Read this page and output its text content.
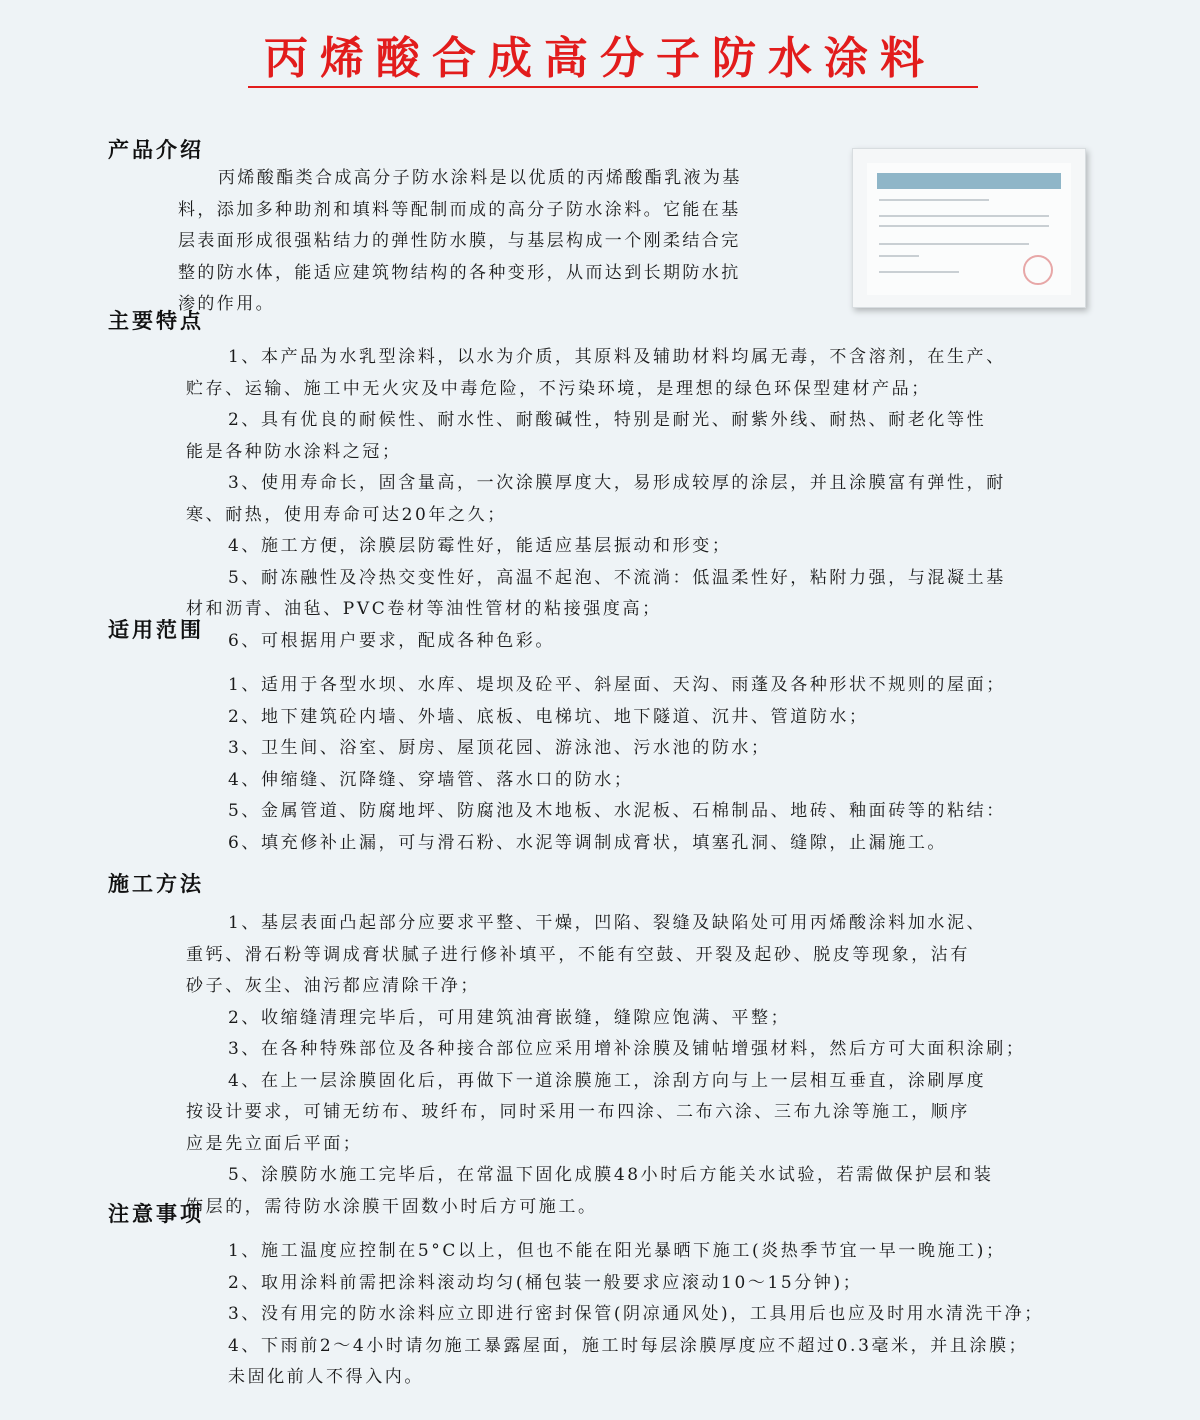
丙烯酸合成高分子防水涂料
产品介绍
丙烯酸酯类合成高分子防水涂料是以优质的丙烯酸酯乳液为基
料，添加多种助剂和填料等配制而成的高分子防水涂料。它能在基
层表面形成很强粘结力的弹性防水膜，与基层构成一个刚柔结合完
整的防水体，能适应建筑物结构的各种变形，从而达到长期防水抗
渗的作用。
主要特点
1、本产品为水乳型涂料，以水为介质，其原料及辅助材料均属无毒，不含溶剂，在生产、
贮存、运输、施工中无火灾及中毒危险，不污染环境，是理想的绿色环保型建材产品；
2、具有优良的耐候性、耐水性、耐酸碱性，特别是耐光、耐紫外线、耐热、耐老化等性
能是各种防水涂料之冠；
3、使用寿命长，固含量高，一次涂膜厚度大，易形成较厚的涂层，并且涂膜富有弹性，耐
寒、耐热，使用寿命可达20年之久；
4、施工方便，涂膜层防霉性好，能适应基层振动和形变；
5、耐冻融性及冷热交变性好，高温不起泡、不流淌：低温柔性好，粘附力强，与混凝土基
材和沥青、油毡、PVC卷材等油性管材的粘接强度高；
6、可根据用户要求，配成各种色彩。
适用范围
1、适用于各型水坝、水库、堤坝及砼平、斜屋面、天沟、雨蓬及各种形状不规则的屋面；
2、地下建筑砼内墙、外墙、底板、电梯坑、地下隧道、沉井、管道防水；
3、卫生间、浴室、厨房、屋顶花园、游泳池、污水池的防水；
4、伸缩缝、沉降缝、穿墙管、落水口的防水；
5、金属管道、防腐地坪、防腐池及木地板、水泥板、石棉制品、地砖、釉面砖等的粘结：
6、填充修补止漏，可与滑石粉、水泥等调制成膏状，填塞孔洞、缝隙，止漏施工。
施工方法
1、基层表面凸起部分应要求平整、干燥，凹陷、裂缝及缺陷处可用丙烯酸涂料加水泥、
重钙、滑石粉等调成膏状腻子进行修补填平，不能有空鼓、开裂及起砂、脱皮等现象，沾有
砂子、灰尘、油污都应清除干净；
2、收缩缝清理完毕后，可用建筑油膏嵌缝，缝隙应饱满、平整；
3、在各种特殊部位及各种接合部位应采用增补涂膜及铺帖增强材料，然后方可大面积涂刷；
4、在上一层涂膜固化后，再做下一道涂膜施工，涂刮方向与上一层相互垂直，涂刷厚度
按设计要求，可铺无纺布、玻纤布，同时采用一布四涂、二布六涂、三布九涂等施工，顺序
应是先立面后平面；
5、涂膜防水施工完毕后，在常温下固化成膜48小时后方能关水试验，若需做保护层和装
饰层的，需待防水涂膜干固数小时后方可施工。
注意事项
1、施工温度应控制在5°C以上，但也不能在阳光暴晒下施工(炎热季节宜一早一晚施工)；
2、取用涂料前需把涂料滚动均匀(桶包装一般要求应滚动10～15分钟)；
3、没有用完的防水涂料应立即进行密封保管(阴凉通风处)，工具用后也应及时用水清洗干净；
4、下雨前2～4小时请勿施工暴露屋面，施工时每层涂膜厚度应不超过0.3毫米，并且涂膜；
未固化前人不得入内。
